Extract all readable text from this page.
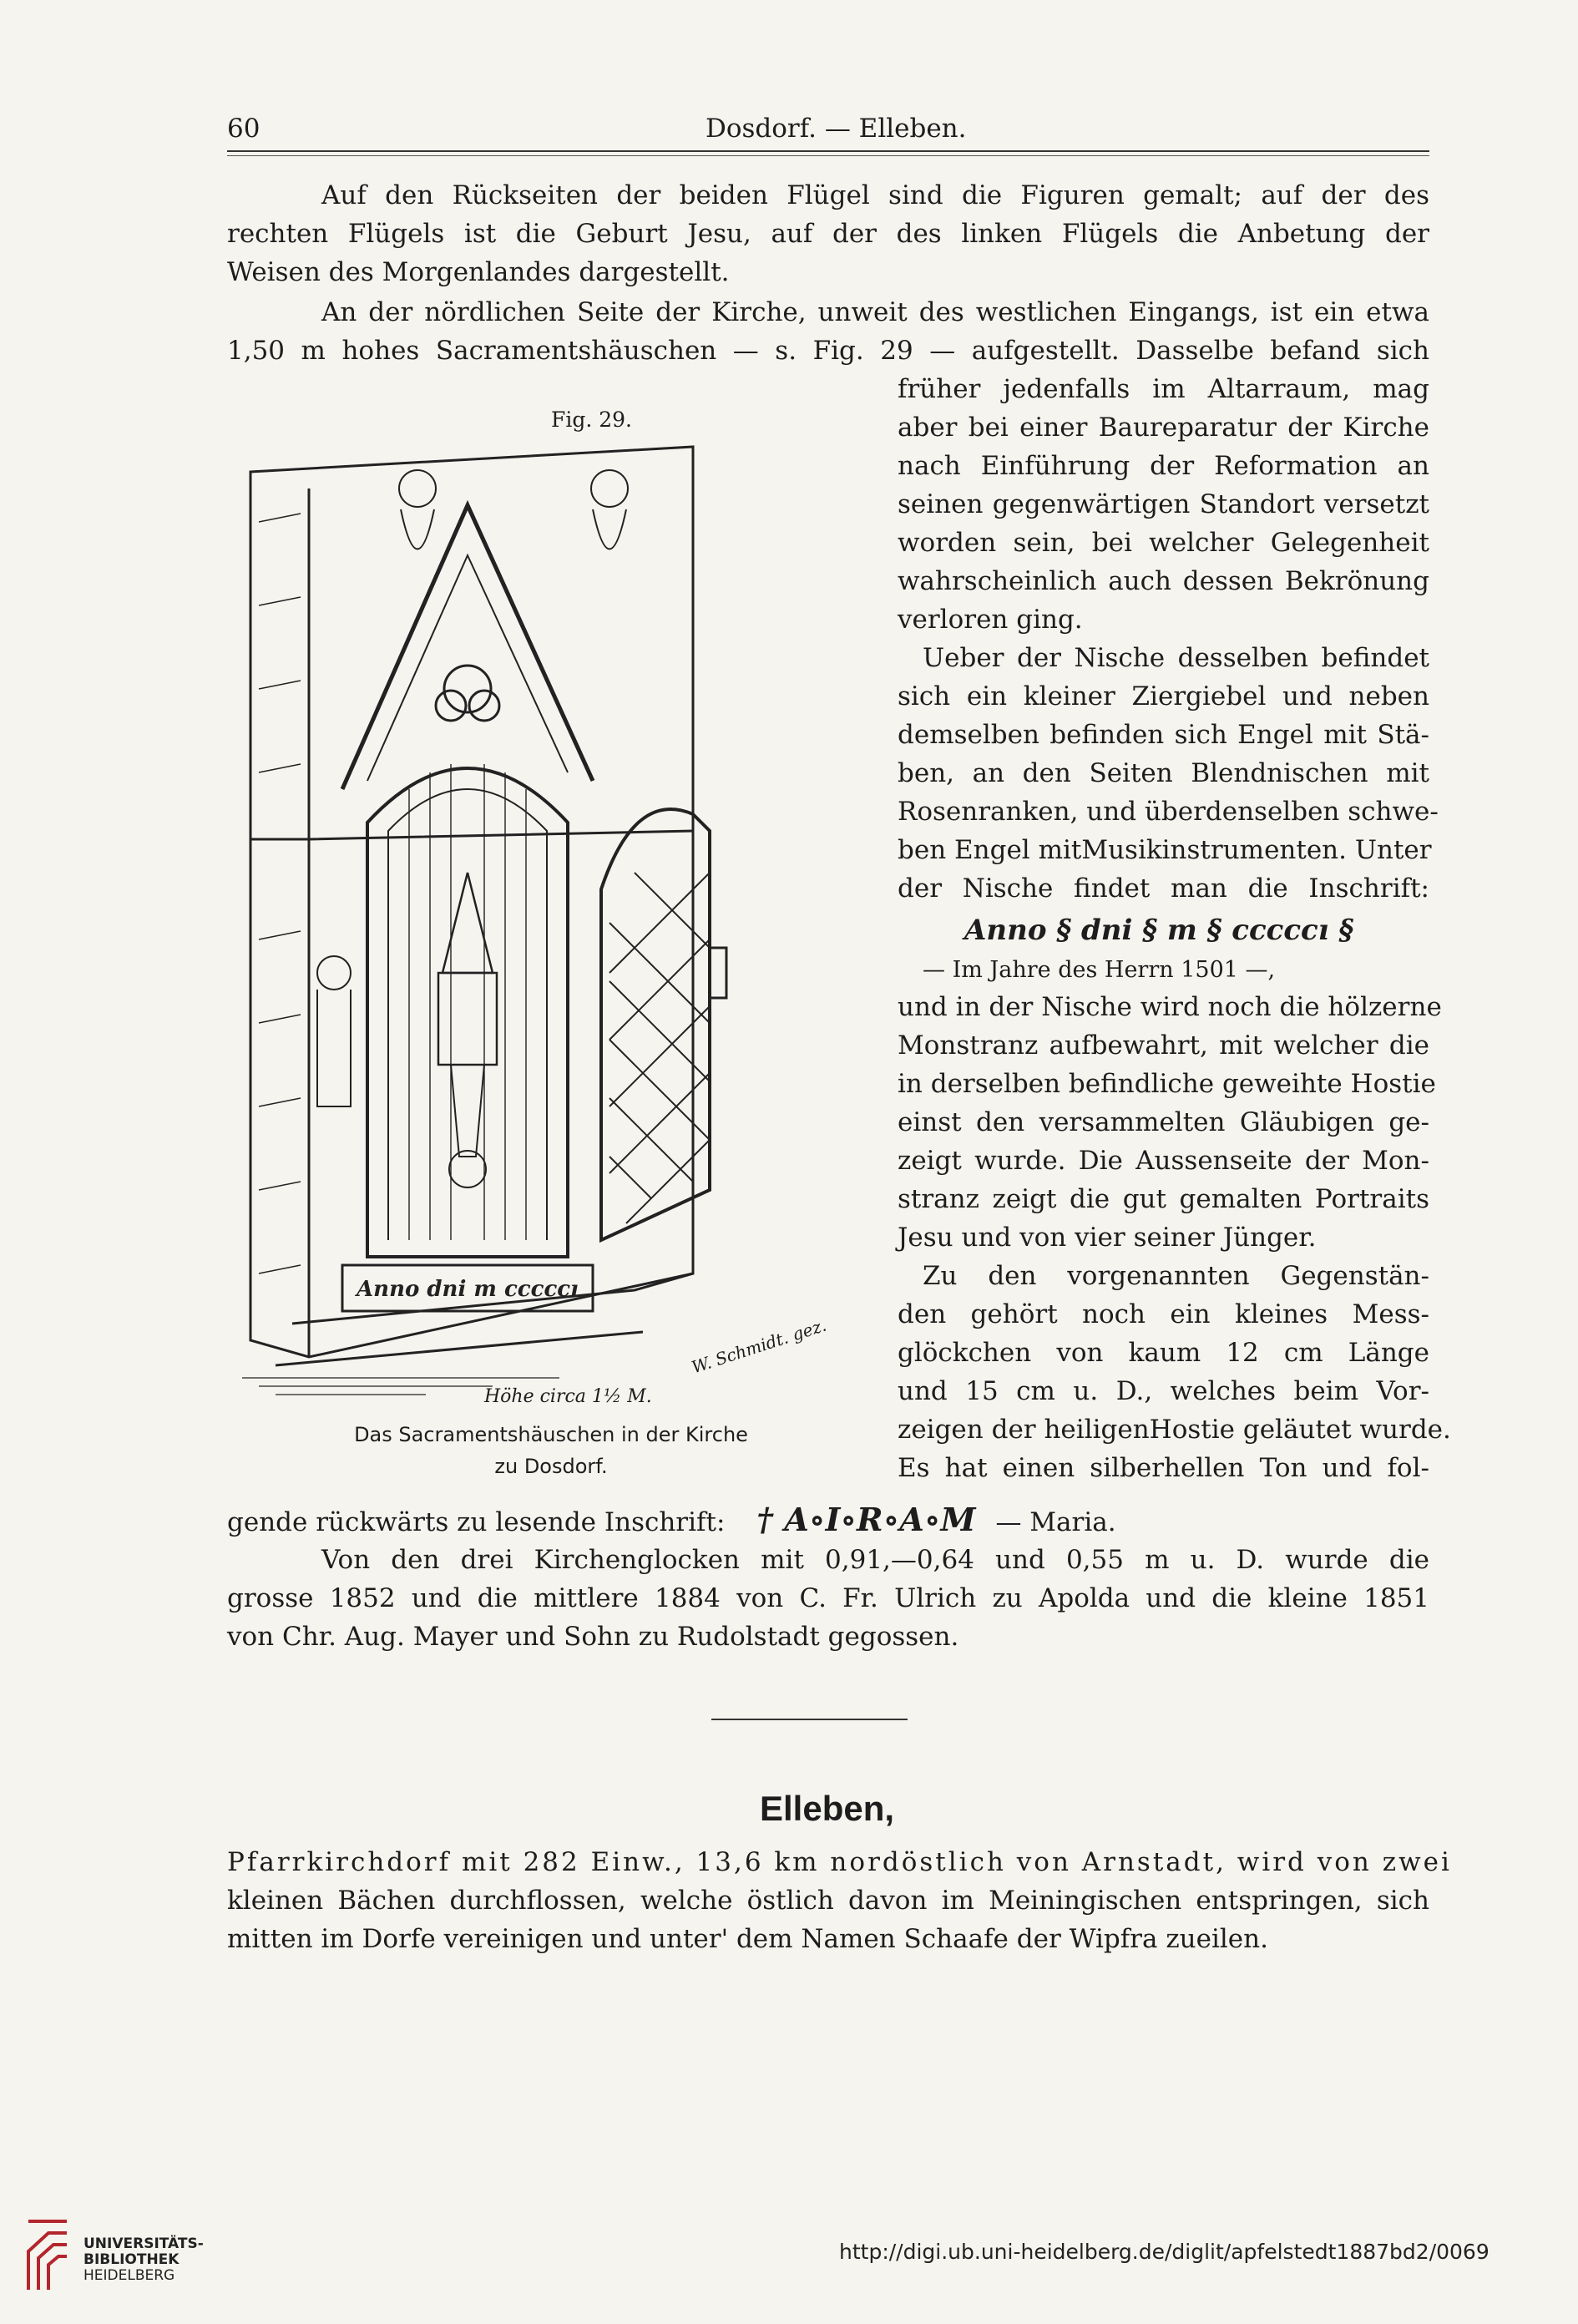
60	Dosdorf. — Elleben.
Auf den Rückseiten der beiden Flügel sind die Figuren gemalt; auf der des
rechten Flügels ist die Geburt Jesu, auf der des linken Flügels die Anbetung der
Weisen des Morgenlandes dargestellt.
An der nördlichen Seite der Kirche, unweit des westlichen Eingangs, ist ein etwa
1,50 m hohes Sacramentshäuschen — s. Fig. 29 — aufgestellt. Dasselbe befand sich
früher jedenfalls im Altarraum, mag
aber bei einer Baureparatur der Kirche
nach Einführung der Reformation an
seinen gegenwärtigen Standort versetzt
worden sein, bei welcher Gelegenheit
wahrscheinlich auch dessen Bekrönung
verloren ging.
Ueber der Nische desselben befindet
sich ein kleiner Ziergiebel und neben
demselben befinden sich Engel mit Stä-
ben, an den Seiten Blendnischen mit
Rosenranken, und überdenselben schwe-
ben Engel mitMusikinstrumenten. Unter
der Nische findet man die Inschrift:
Anno § dni § m § cccccı §
— Im Jahre des Herrn 1501 —,
und in der Nische wird noch die hölzerne
Monstranz aufbewahrt, mit welcher die
in derselben befindliche geweihte Hostie
einst den versammelten Gläubigen ge-
zeigt wurde. Die Aussenseite der Mon-
stranz zeigt die gut gemalten Portraits
Jesu und von vier seiner Jünger.
Zu den vorgenannten Gegenstän-
den gehört noch ein kleines Mess-
glöckchen von kaum 12 cm Länge
und 15 cm u. D., welches beim Vor-
zeigen der heiligenHostie geläutet wurde.
Es hat einen silberhellen Ton und fol-
gende rückwärts zu lesende Inschrift: † A∘I∘R∘A∘M — Maria.
Von den drei Kirchenglocken mit 0,91,—0,64 und 0,55 m u. D. wurde die
grosse 1852 und die mittlere 1884 von C. Fr. Ulrich zu Apolda und die kleine 1851
von Chr. Aug. Mayer und Sohn zu Rudolstadt gegossen.
Fig. 29.
Anno dni m cccccı
Höhe circa 1½ M.
W. Schmidt. gez.
Das Sacramentshäuschen in der Kirche
zu Dosdorf.
Elleben,
Pfarrkirchdorf mit 282 Einw., 13,6 km nordöstlich von Arnstadt, wird von zwei
kleinen Bächen durchflossen, welche östlich davon im Meiningischen entspringen, sich
mitten im Dorfe vereinigen und unter' dem Namen Schaafe der Wipfra zueilen.
UNIVERSITÄTS-
BIBLIOTHEK
HEIDELBERG
http://digi.ub.uni-heidelberg.de/diglit/apfelstedt1887bd2/0069
